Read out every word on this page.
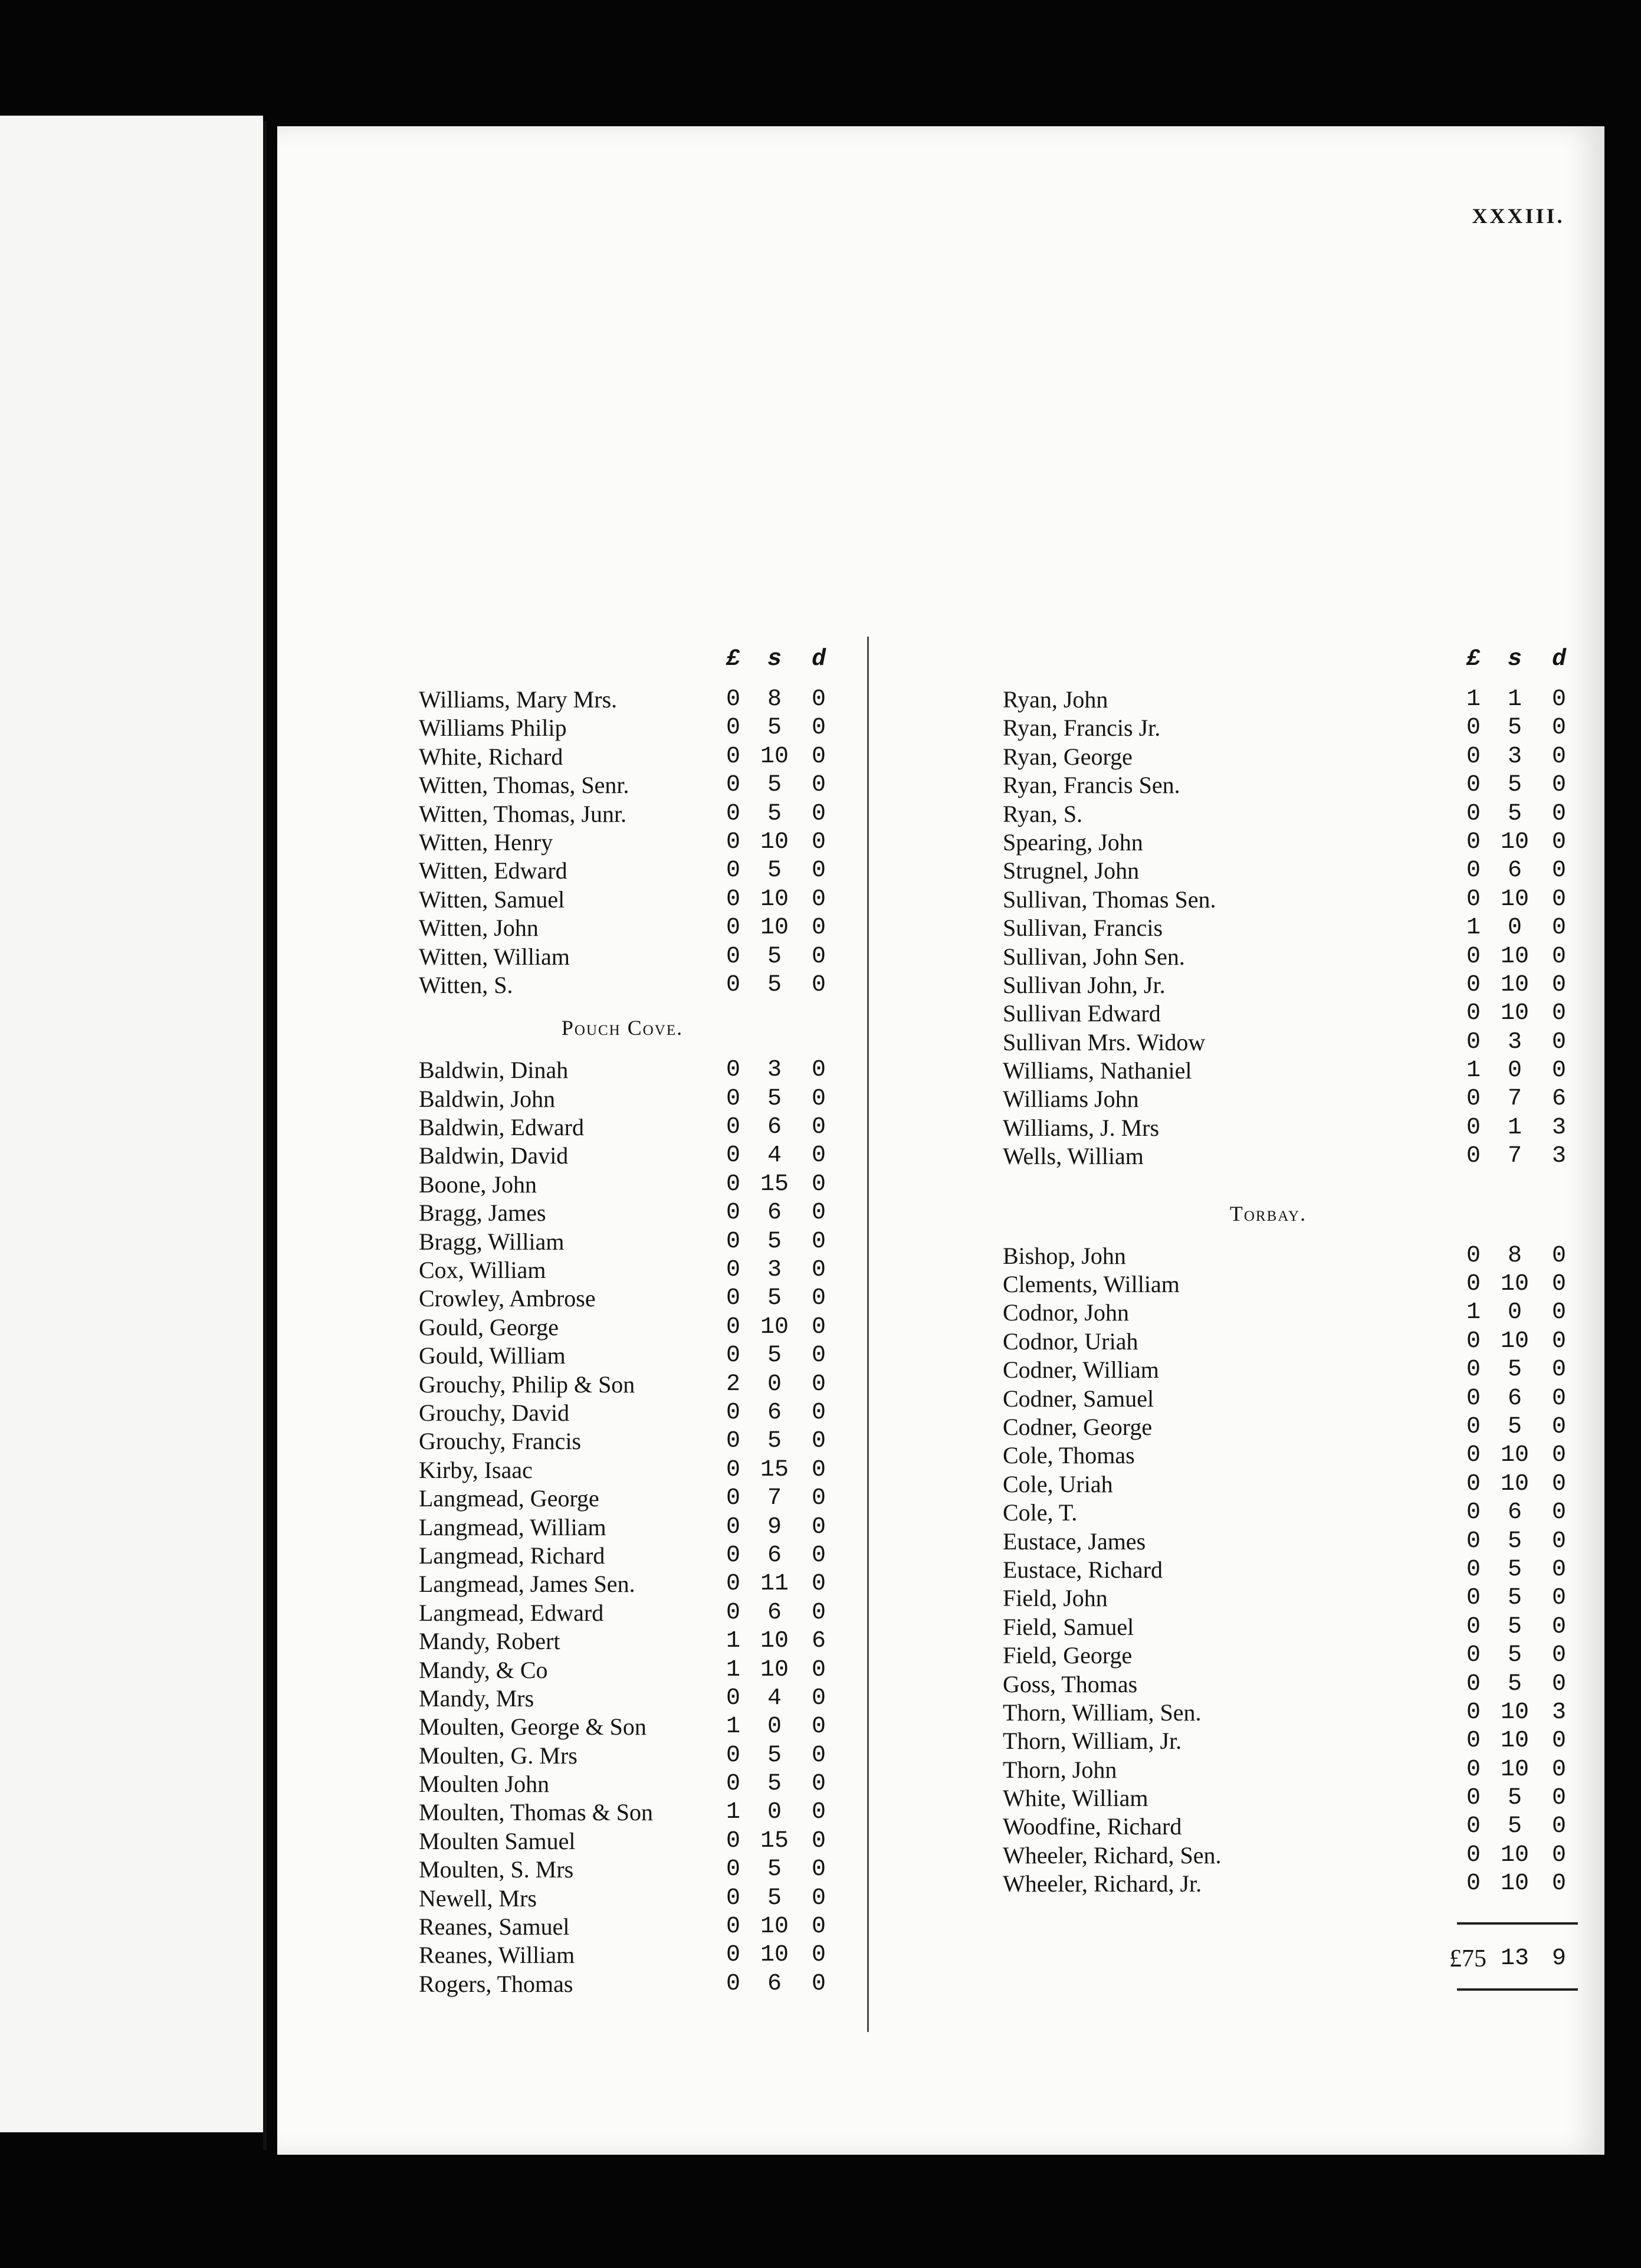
XXXIII.
£	s	d
Williams, Mary Mrs.	0	8	0
Williams Philip	0	5	0
White, Richard	0 10 0
Witten, Thomas, Senr.	0	5	0
Witten, Thomas, Junr.	0	5	0
Witten, Henry	0 10 0
Witten, Edward	0	5	0
Witten, Samuel	0 10 0
Witten, John	0 10 0
Witten, William	0	5	0
Witten, S.	0	5	0
Pouch Cove.
Baldwin, Dinah	0	3	0
Baldwin, John	0	5	0
Baldwin, Edward	0	6	0
Baldwin, David	0	4	0
Boone, John	0 15 0
Bragg, James	0	6	0
Bragg, William	0	5	0
Cox, William	0	3	0
Crowley, Ambrose	0	5	0
Gould, George	0 10 0
Gould, William	0	5	0
Grouchy, Philip & Son	2	0	0
Grouchy, David	0	6	0
Grouchy, Francis	0	5	0
Kirby, Isaac	0 15 0
Langmead, George	0	7	0
Langmead, William	0	9	0
Langmead, Richard	0	6	0
Langmead, James Sen.	0 11 0
Langmead, Edward	0	6	0
Mandy, Robert	1 10 6
Mandy, & Co	1 10 0
Mandy, Mrs	0	4	0
Moulten, George & Son	1	0	0
Moulten, G. Mrs	0	5	0
Moulten John	0	5	0
Moulten, Thomas & Son	1	0	0
Moulten Samuel	0 15 0
Moulten, S. Mrs	0	5	0
Newell, Mrs	0	5	0
Reanes, Samuel	0 10 0
Reanes, William	0 10 0
Rogers, Thomas	0	6	0
£	s	d
Ryan, John	1	1	0
Ryan, Francis Jr.	0	5	0
Ryan, George	0	3	0
Ryan, Francis Sen.	0	5	0
Ryan, S.	0	5	0
Spearing, John	0 10 0
Strugnel, John	0	6	0
Sullivan, Thomas Sen.	0 10 0
Sullivan, Francis	1	0	0
Sullivan, John Sen.	0 10 0
Sullivan John, Jr.	0 10 0
Sullivan Edward	0 10 0
Sullivan Mrs. Widow	0	3	0
Williams, Nathaniel	1	0	0
Williams John	0	7	6
Williams, J. Mrs	0	1	3
Wells, William	0	7	3
Torbay.
Bishop, John	0	8	0
Clements, William	0 10 0
Codnor, John	1	0	0
Codnor, Uriah	0 10 0
Codner, William	0	5	0
Codner, Samuel	0	6	0
Codner, George	0	5	0
Cole, Thomas	0 10 0
Cole, Uriah	0 10 0
Cole, T.	0	6	0
Eustace, James	0	5	0
Eustace, Richard	0	5	0
Field, John	0	5	0
Field, Samuel	0	5	0
Field, George	0	5	0
Goss, Thomas	0	5	0
Thorn, William, Sen.	0 10 3
Thorn, William, Jr.	0 10 0
Thorn, John	0 10 0
White, William	0	5	0
Woodfine, Richard	0	5	0
Wheeler, Richard, Sen.	0 10 0
Wheeler, Richard, Jr.	0 10 0
£75 13 9
